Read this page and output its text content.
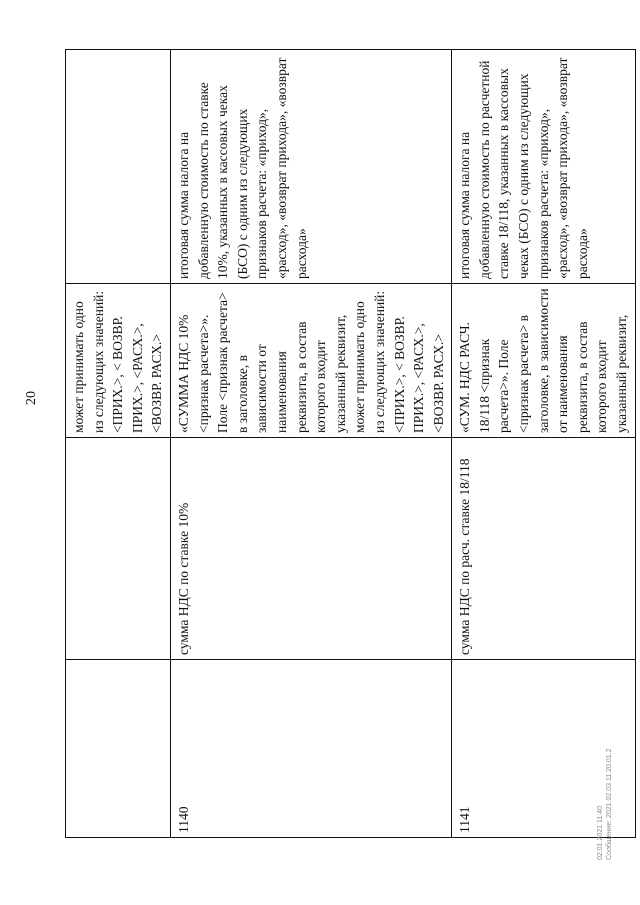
20
		может принимать одно из следующих значений: <ПРИХ.>, < ВОЗВР. ПРИХ.>, <РАСХ.>, <ВОЗВР. РАСХ.>	
1140	сумма НДС по ставке 10%	«СУММА НДС 10% <признак расчета>». Поле <признак расчета> в заголовке, в зависимости от наименования реквизита, в состав которого входит указанный реквизит, может принимать одно из следующих значений: <ПРИХ.>, < ВОЗВР. ПРИХ.>, <РАСХ.>, <ВОЗВР. РАСХ.>	итоговая сумма налога на добавленную стоимость по ставке 10%, указанных в кассовых чеках (БСО) с одним из следующих признаков расчета: «приход», «расход», «возврат прихода», «возврат расхода»
1141	сумма НДС по расч. ставке 18/118	«СУМ. НДС РАСЧ. 18/118 <признак расчета>». Поле <признак расчета> в заголовке, в зависимости от наименования реквизита, в состав которого входит указанный реквизит,	итоговая сумма налога на добавленную стоимость по расчетной ставке 18/118, указанных в кассовых чеках (БСО) с одним из следующих признаков расчета: «приход», «расход», «возврат прихода», «возврат расхода»
02.01.2021 11:40 Сообщение: 2021.02.03 11.20.01.2
